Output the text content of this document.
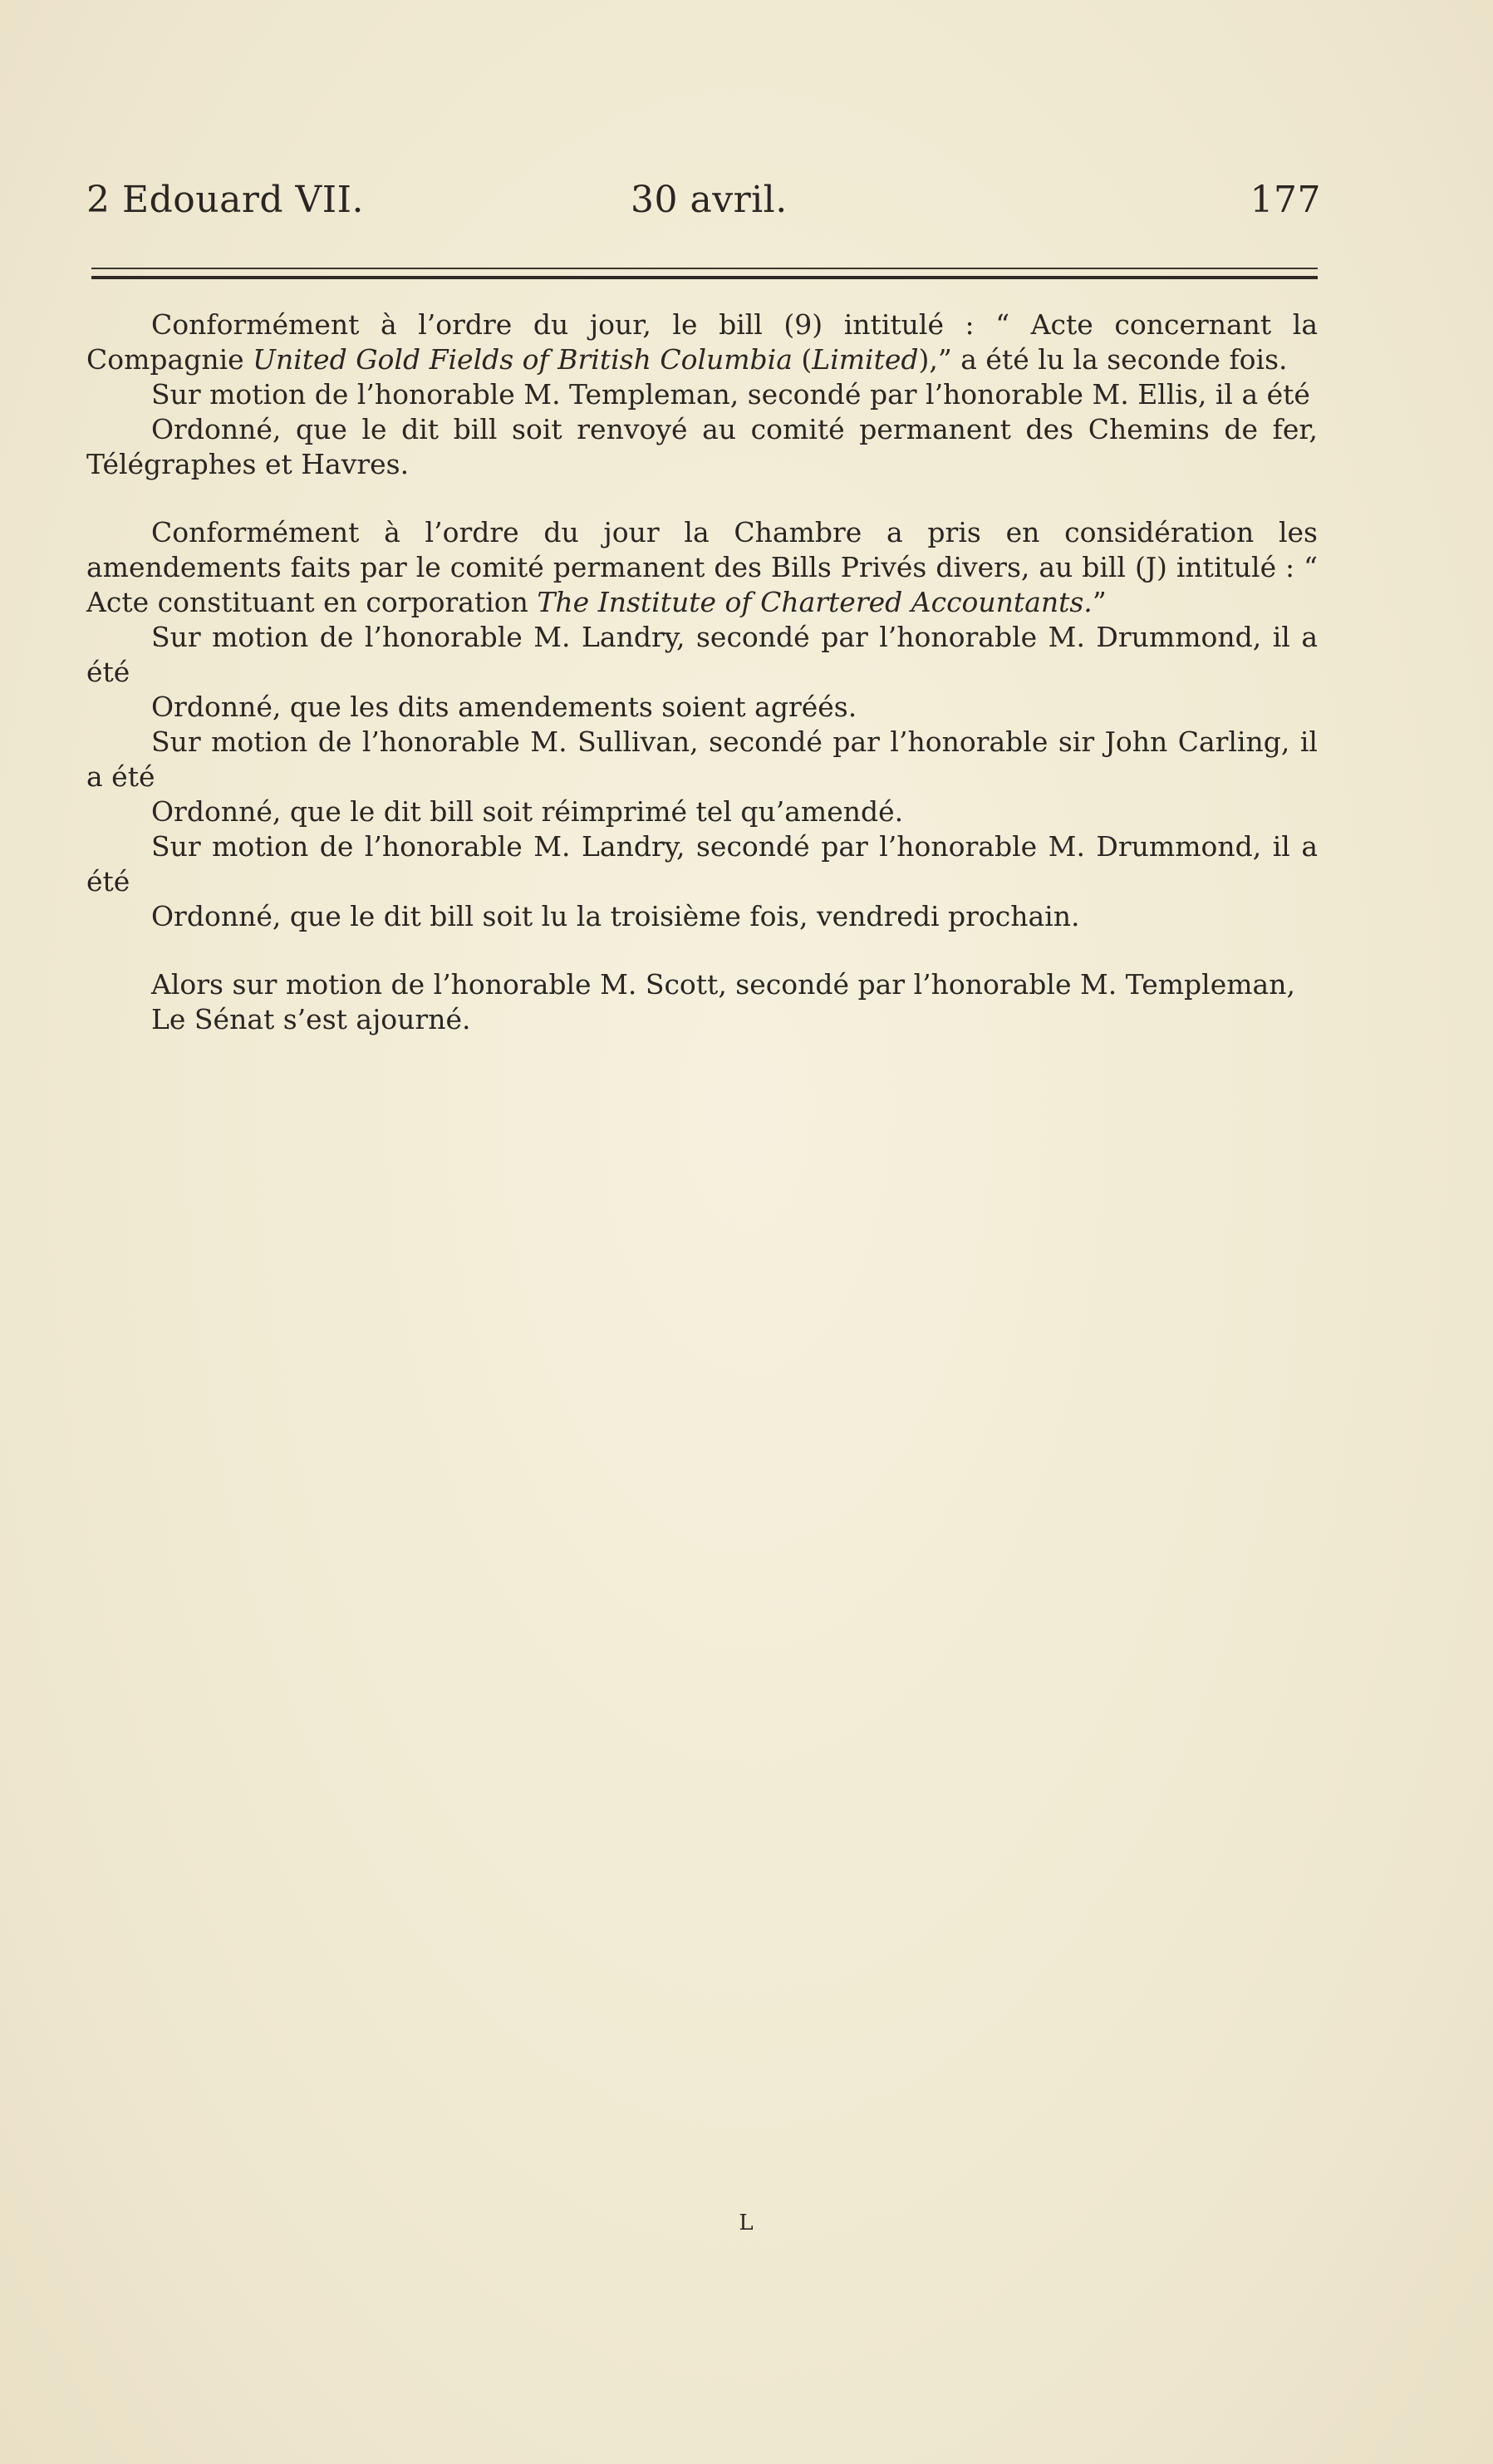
2 Edouard VII.	30 avril.	177

Conformément à l’ordre du jour, le bill (9) intitulé : “ Acte concernant la Compagnie United Gold Fields of British Columbia (Limited),” a été lu la seconde fois.

Sur motion de l’honorable M. Templeman, secondé par l’honorable M. Ellis, il a été

Ordonné, que le dit bill soit renvoyé au comité permanent des Chemins de fer, Télégraphes et Havres.

Conformément à l’ordre du jour la Chambre a pris en considération les amendements faits par le comité permanent des Bills Privés divers, au bill (J) intitulé : “ Acte constituant en corporation The Institute of Chartered Accountants.”

Sur motion de l’honorable M. Landry, secondé par l’honorable M. Drummond, il a été

Ordonné, que les dits amendements soient agréés.

Sur motion de l’honorable M. Sullivan, secondé par l’honorable sir John Carling, il a été

Ordonné, que le dit bill soit réimprimé tel qu’amendé.

Sur motion de l’honorable M. Landry, secondé par l’honorable M. Drummond, il a été

Ordonné, que le dit bill soit lu la troisième fois, vendredi prochain.

Alors sur motion de l’honorable M. Scott, secondé par l’honorable M. Templeman,

Le Sénat s’est ajourné.

L
